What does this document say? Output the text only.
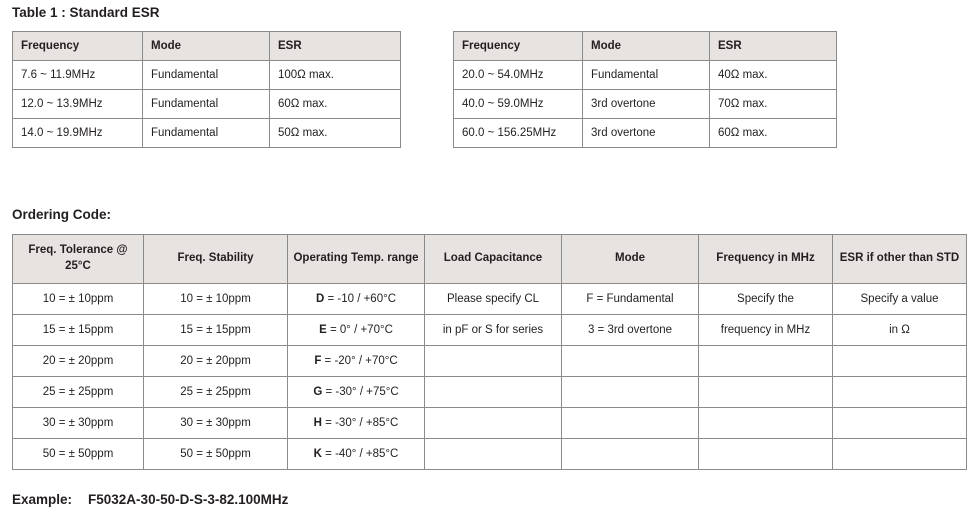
Table 1 : Standard ESR
Frequency	Mode	ESR
7.6 ~ 11.9MHz	Fundamental	100Ω max.
12.0 ~ 13.9MHz	Fundamental	60Ω max.
14.0 ~ 19.9MHz	Fundamental	50Ω max.
Frequency	Mode	ESR
20.0 ~ 54.0MHz	Fundamental	40Ω max.
40.0 ~ 59.0MHz	3rd overtone	70Ω max.
60.0 ~ 156.25MHz	3rd overtone	60Ω max.
Ordering Code:
Freq. Tolerance @ 25°C	Freq. Stability	Operating Temp. range	Load Capacitance	Mode	Frequency in MHz	ESR if other than STD
10 = ± 10ppm	10 = ± 10ppm	D = -10 / +60°C	Please specify CL	F = Fundamental	Specify the	Specify a value
15 = ± 15ppm	15 = ± 15ppm	E = 0° / +70°C	in pF or S for series	3 = 3rd overtone	frequency in MHz	in Ω
20 = ± 20ppm	20 = ± 20ppm	F = -20° / +70°C				
25 = ± 25ppm	25 = ± 25ppm	G = -30° / +75°C				
30 = ± 30ppm	30 = ± 30ppm	H = -30° / +85°C				
50 = ± 50ppm	50 = ± 50ppm	K = -40° / +85°C				
Example: F5032A-30-50-D-S-3-82.100MHz
